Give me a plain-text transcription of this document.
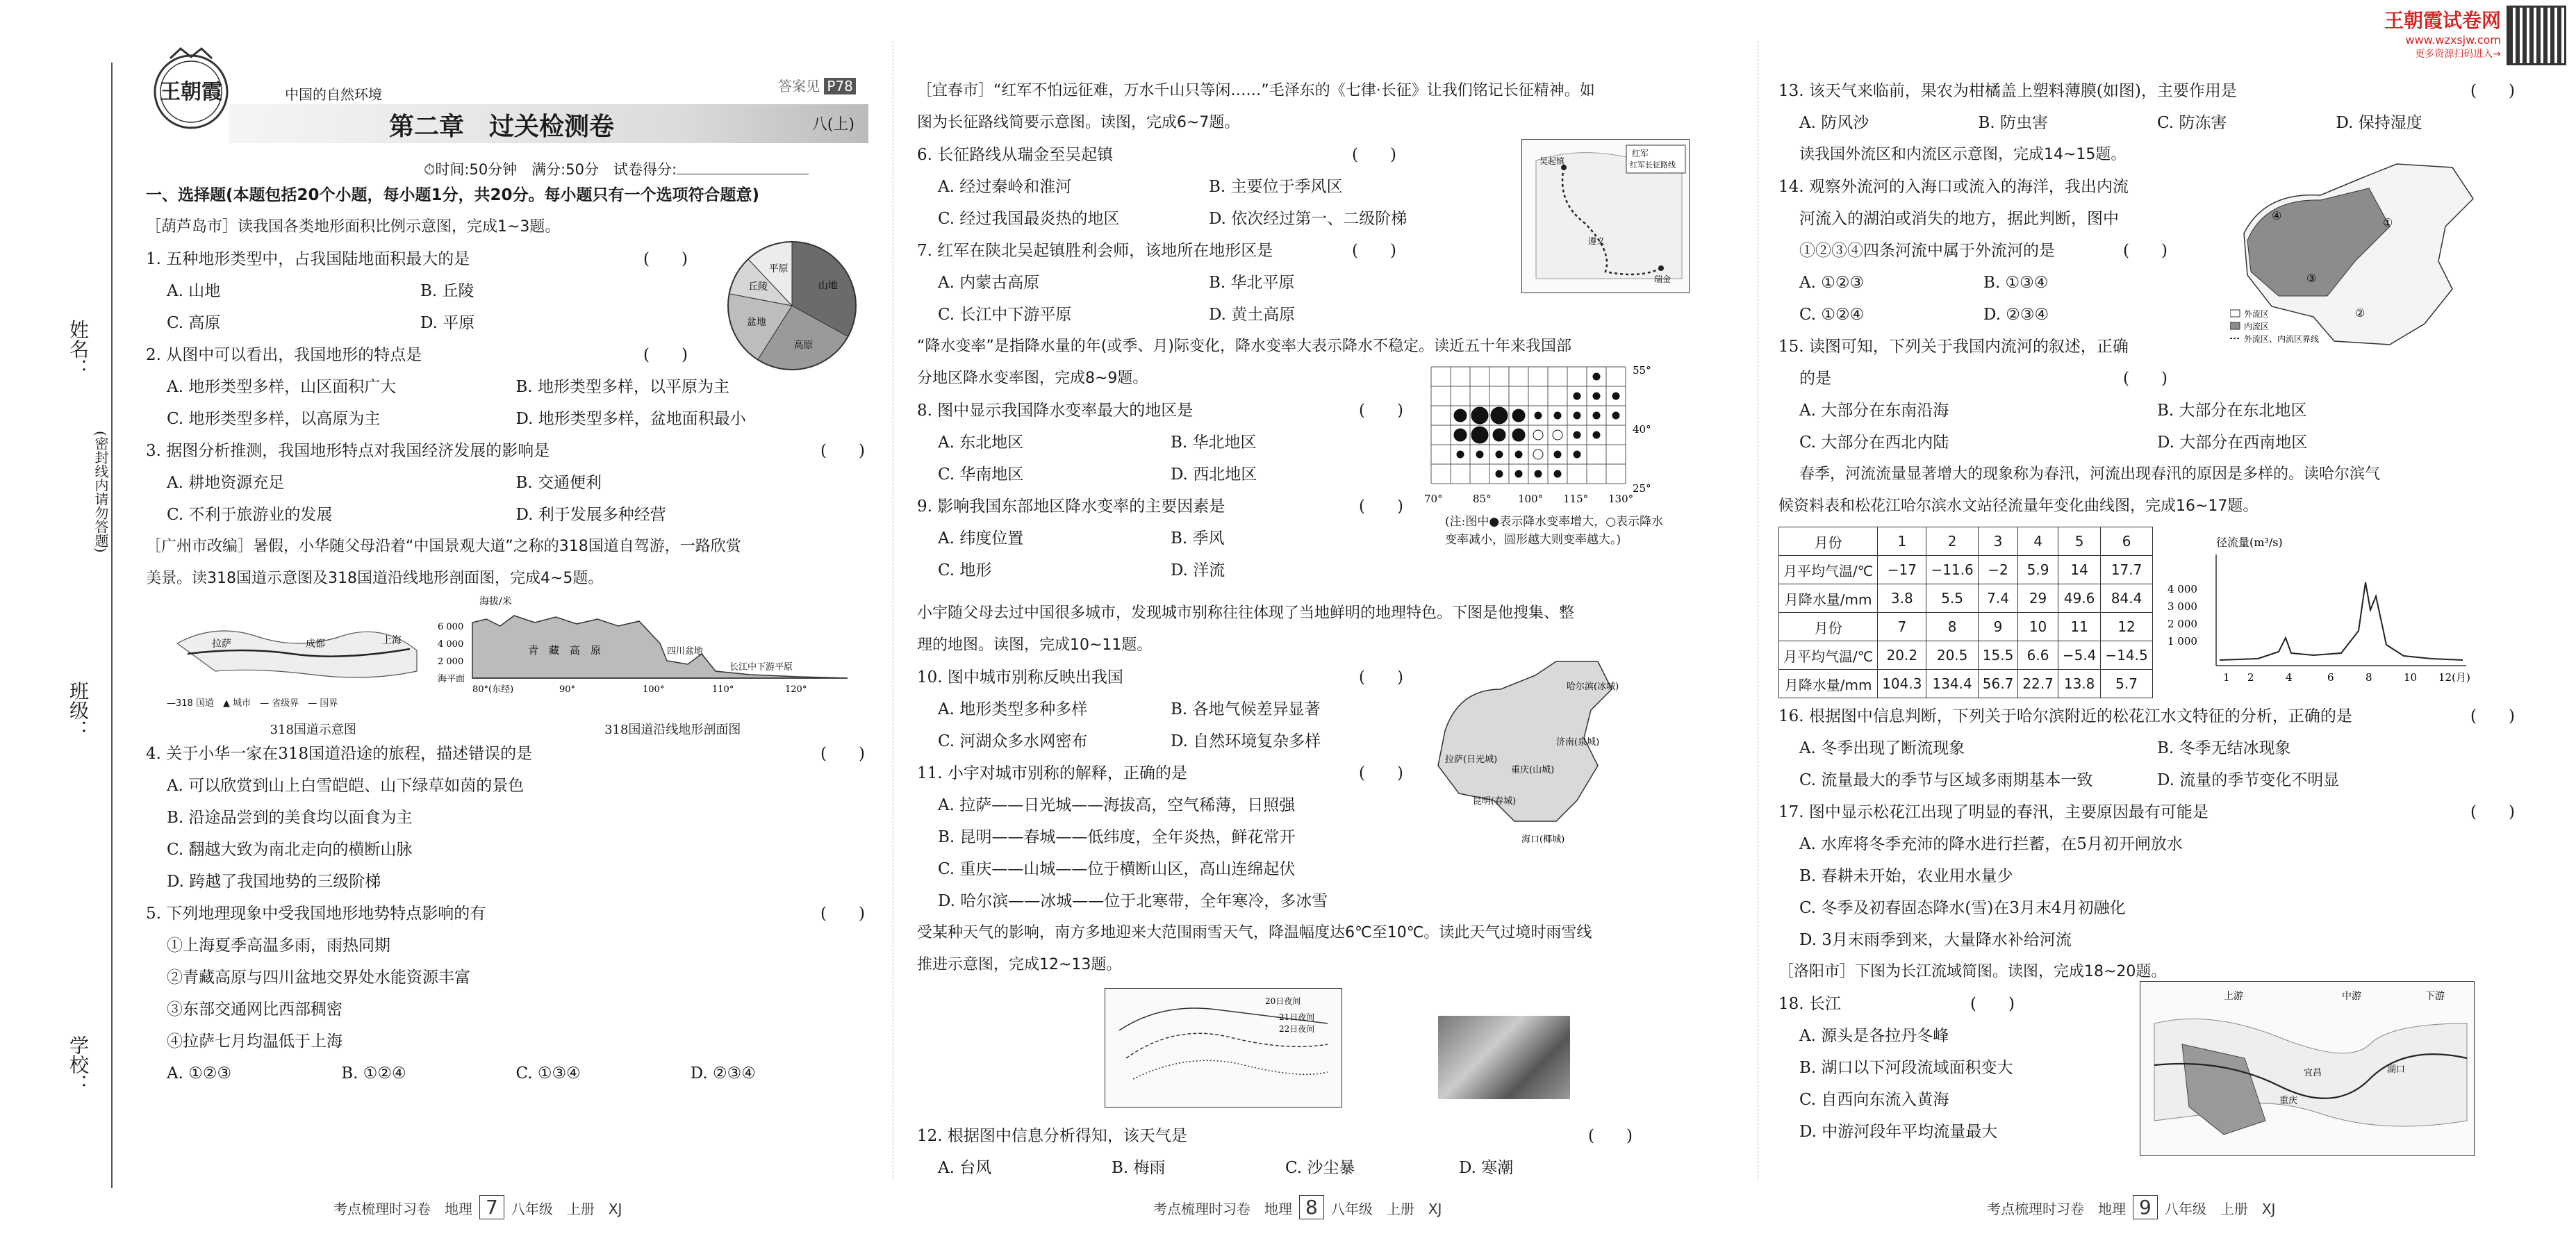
王朝霞	中国的自然环境	答案见 P78
第二章　过关检测卷	八(上)
⏱时间:50分钟　满分:50分　试卷得分:
王朝霞试卷网
www.wzxsjw.com
更多资源扫码进入→
姓名：
班级：
学校：
(密封线内请勿答题)
一、选择题(本题包括20个小题，每小题1分，共20分。每小题只有一个选项符合题意)
［葫芦岛市］读我国各类地形面积比例示意图，完成1~3题。
1. 五种地形类型中，占我国陆地面积最大的是	(　　)
A. 山地	B. 丘陵
C. 高原	D. 平原
2. 从图中可以看出，我国地形的特点是	(　　)
山地
高原
盆地
丘陵
平原
A. 地形类型多样，山区面积广大	B. 地形类型多样，以平原为主
C. 地形类型多样，以高原为主	D. 地形类型多样，盆地面积最小
3. 据图分析推测，我国地形特点对我国经济发展的影响是	(　　)
A. 耕地资源充足	B. 交通便利
C. 不利于旅游业的发展	D. 利于发展多种经营
［广州市改编］暑假，小华随父母沿着“中国景观大道”之称的318国道自驾游，一路欣赏
美景。读318国道示意图及318国道沿线地形剖面图，完成4~5题。
拉萨	成都	上海
—318 国道　▲ 城市　— 省级界　— 国界
海拔/米
6 000
4 000
2 000
海平面
青　藏　高　原	四川盆地
长江中下游平原
80°(东经)	90°	100°	110°	120°
318国道示意图	318国道沿线地形剖面图
4. 关于小华一家在318国道沿途的旅程，描述错误的是	(　　)
A. 可以欣赏到山上白雪皑皑、山下绿草如茵的景色
B. 沿途品尝到的美食均以面食为主
C. 翻越大致为南北走向的横断山脉
D. 跨越了我国地势的三级阶梯
5. 下列地理现象中受我国地形地势特点影响的有	(　　)
①上海夏季高温多雨，雨热同期
②青藏高原与四川盆地交界处水能资源丰富
③东部交通网比西部稠密
④拉萨七月均温低于上海
A. ①②③	B. ①②④	C. ①③④	D. ②③④
［宜春市］“红军不怕远征难，万水千山只等闲……”毛泽东的《七律·长征》让我们铭记长征精神。如
图为长征路线简要示意图。读图，完成6~7题。
6. 长征路线从瑞金至吴起镇	(　　)
A. 经过秦岭和淮河	B. 主要位于季风区
C. 经过我国最炎热的地区	D. 依次经过第一、二级阶梯
7. 红军在陕北吴起镇胜利会师，该地所在地形区是	(　　)
A. 内蒙古高原	B. 华北平原
C. 长江中下游平原	D. 黄土高原
红军
红军长征路线
吴起镇
遵义
瑞金
“降水变率”是指降水量的年(或季、月)际变化，降水变率大表示降水不稳定。读近五十年来我国部
分地区降水变率图，完成8~9题。
8. 图中显示我国降水变率最大的地区是	(　　)
A. 东北地区	B. 华北地区
C. 华南地区	D. 西北地区
9. 影响我国东部地区降水变率的主要因素是	(　　)
A. 纬度位置	B. 季风
C. 地形	D. 洋流
55°
40°
25°
70°	85°	100° 115° 130°
(注:图中●表示降水变率增大，○表示降水
变率减小，圆形越大则变率越大。)
小宇随父母去过中国很多城市，发现城市别称往往体现了当地鲜明的地理特色。下图是他搜集、整
理的地图。读图，完成10~11题。
10. 图中城市别称反映出我国	(　　)
A. 地形类型多种多样	B. 各地气候差异显著
C. 河湖众多水网密布	D. 自然环境复杂多样
11. 小宇对城市别称的解释，正确的是	(　　)
A. 拉萨——日光城——海拔高，空气稀薄，日照强
B. 昆明——春城——低纬度，全年炎热，鲜花常开
C. 重庆——山城——位于横断山区，高山连绵起伏
D. 哈尔滨——冰城——位于北寒带，全年寒冷，多冰雪
哈尔滨(冰城)
济南(泉城)
重庆(山城)
拉萨(日光城)
昆明(春城)
海口(椰城)
受某种天气的影响，南方多地迎来大范围雨雪天气，降温幅度达6℃至10℃。读此天气过境时雨雪线
推进示意图，完成12~13题。
20日夜间
21日夜间
22日夜间
12. 根据图中信息分析得知，该天气是	(　　)
A. 台风	B. 梅雨	C. 沙尘暴	D. 寒潮
13. 该天气来临前，果农为柑橘盖上塑料薄膜(如图)，主要作用是	(　　)
A. 防风沙	B. 防虫害	C. 防冻害	D. 保持湿度
读我国外流区和内流区示意图，完成14~15题。
14. 观察外流河的入海口或流入的海洋，我出内流
河流入的湖泊或消失的地方，据此判断，图中
①②③④四条河流中属于外流河的是	(　　)
A. ①②③	B. ①③④
C. ①②④	D. ②③④
15. 读图可知，下列关于我国内流河的叙述，正确
的是	(　　)
④
①
③
②
外流区
内流区
外流区、内流区界线
A. 大部分在东南沿海	B. 大部分在东北地区
C. 大部分在西北内陆	D. 大部分在西南地区
春季，河流流量显著增大的现象称为春汛，河流出现春汛的原因是多样的。读哈尔滨气
候资料表和松花江哈尔滨水文站径流量年变化曲线图，完成16~17题。
月份	1	2	3	4	5	6
月平均气温/℃	−17	−11.6	−2	5.9	14	17.7
月降水量/mm	3.8	5.5	7.4	29	49.6	84.4
月份	7	8	9	10	11	12
月平均气温/℃	20.2	20.5	15.5	6.6	−5.4	−14.5
月降水量/mm	104.3	134.4	56.7	22.7	13.8	5.7
径流量(m³/s)
4 000
3 000
2 000
1 000
1 2	4	6	8	10 12(月)
16. 根据图中信息判断，下列关于哈尔滨附近的松花江水文特征的分析，正确的是	(　　)
A. 冬季出现了断流现象	B. 冬季无结冰现象
C. 流量最大的季节与区域多雨期基本一致	D. 流量的季节变化不明显
17. 图中显示松花江出现了明显的春汛，主要原因最有可能是	(　　)
A. 水库将冬季充沛的降水进行拦蓄，在5月初开闸放水
B. 春耕未开始，农业用水量少
C. 冬季及初春固态降水(雪)在3月末4月初融化
D. 3月末雨季到来，大量降水补给河流
［洛阳市］下图为长江流域简图。读图，完成18~20题。
18. 长江	(　　)
A. 源头是各拉丹冬峰
B. 湖口以下河段流域面积变大
C. 自西向东流入黄海
D. 中游河段年平均流量最大
上游	中游	下游
宜昌	湖口
重庆
考点梳理时习卷　地理 7 八年级　上册　XJ	考点梳理时习卷　地理 8 八年级　上册　XJ	考点梳理时习卷　地理 9 八年级　上册　XJ
